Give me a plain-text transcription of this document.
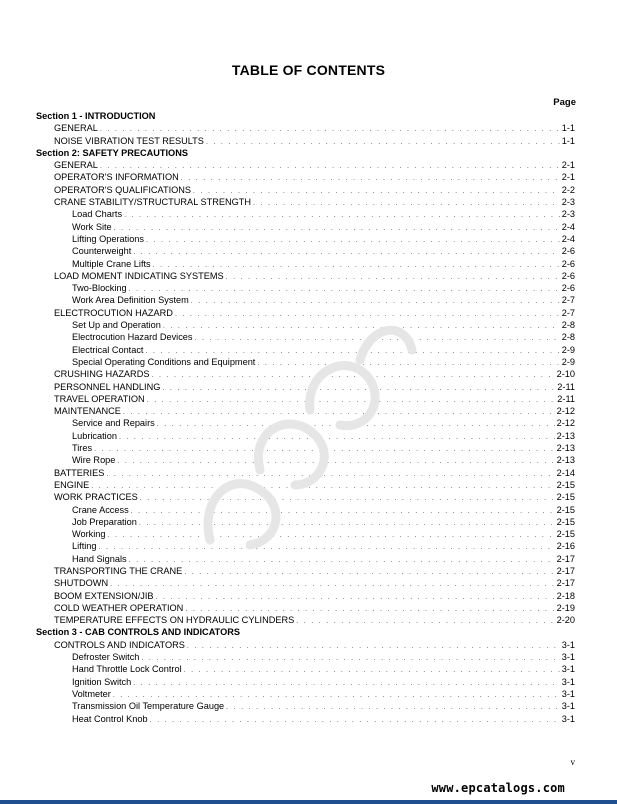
TABLE OF CONTENTS
Page
Section 1 - INTRODUCTION
GENERAL . . .	1-1
NOISE VIBRATION TEST RESULTS . . .	1-1
Section 2: SAFETY PRECAUTIONS
GENERAL . . .	2-1
OPERATOR'S INFORMATION . . .	2-1
OPERATOR'S QUALIFICATIONS . . .	2-2
CRANE STABILITY/STRUCTURAL STRENGTH . . .	2-3
Load Charts . . .	2-3
Work Site . . .	2-4
Lifting Operations . . .	2-4
Counterweight . . .	2-6
Multiple Crane Lifts . . .	2-6
LOAD MOMENT INDICATING SYSTEMS . . .	2-6
Two-Blocking . . .	2-6
Work Area Definition System . . .	2-7
ELECTROCUTION HAZARD . . .	2-7
Set Up and Operation . . .	2-8
Electrocution Hazard Devices . . .	2-8
Electrical Contact . . .	2-9
Special Operating Conditions and Equipment . . .	2-9
CRUSHING HAZARDS . . .	2-10
PERSONNEL HANDLING . . .	2-11
TRAVEL OPERATION . . .	2-11
MAINTENANCE . . .	2-12
Service and Repairs . . .	2-12
Lubrication . . .	2-13
Tires . . .	2-13
Wire Rope . . .	2-13
BATTERIES . . .	2-14
ENGINE . . .	2-15
WORK PRACTICES . . .	2-15
Crane Access . . .	2-15
Job Preparation . . .	2-15
Working . . .	2-15
Lifting . . .	2-16
Hand Signals . . .	2-17
TRANSPORTING THE CRANE . . .	2-17
SHUTDOWN . . .	2-17
BOOM EXTENSION/JIB . . .	2-18
COLD WEATHER OPERATION . . .	2-19
TEMPERATURE EFFECTS ON HYDRAULIC CYLINDERS . . .	2-20
Section 3 - CAB CONTROLS AND INDICATORS
CONTROLS AND INDICATORS . . .	3-1
Defroster Switch . . .	3-1
Hand Throttle Lock Control . . .	3-1
Ignition Switch . . .	3-1
Voltmeter . . .	3-1
Transmission Oil Temperature Gauge . . .	3-1
Heat Control Knob . . .	3-1
v
www.epcatalogs.com
